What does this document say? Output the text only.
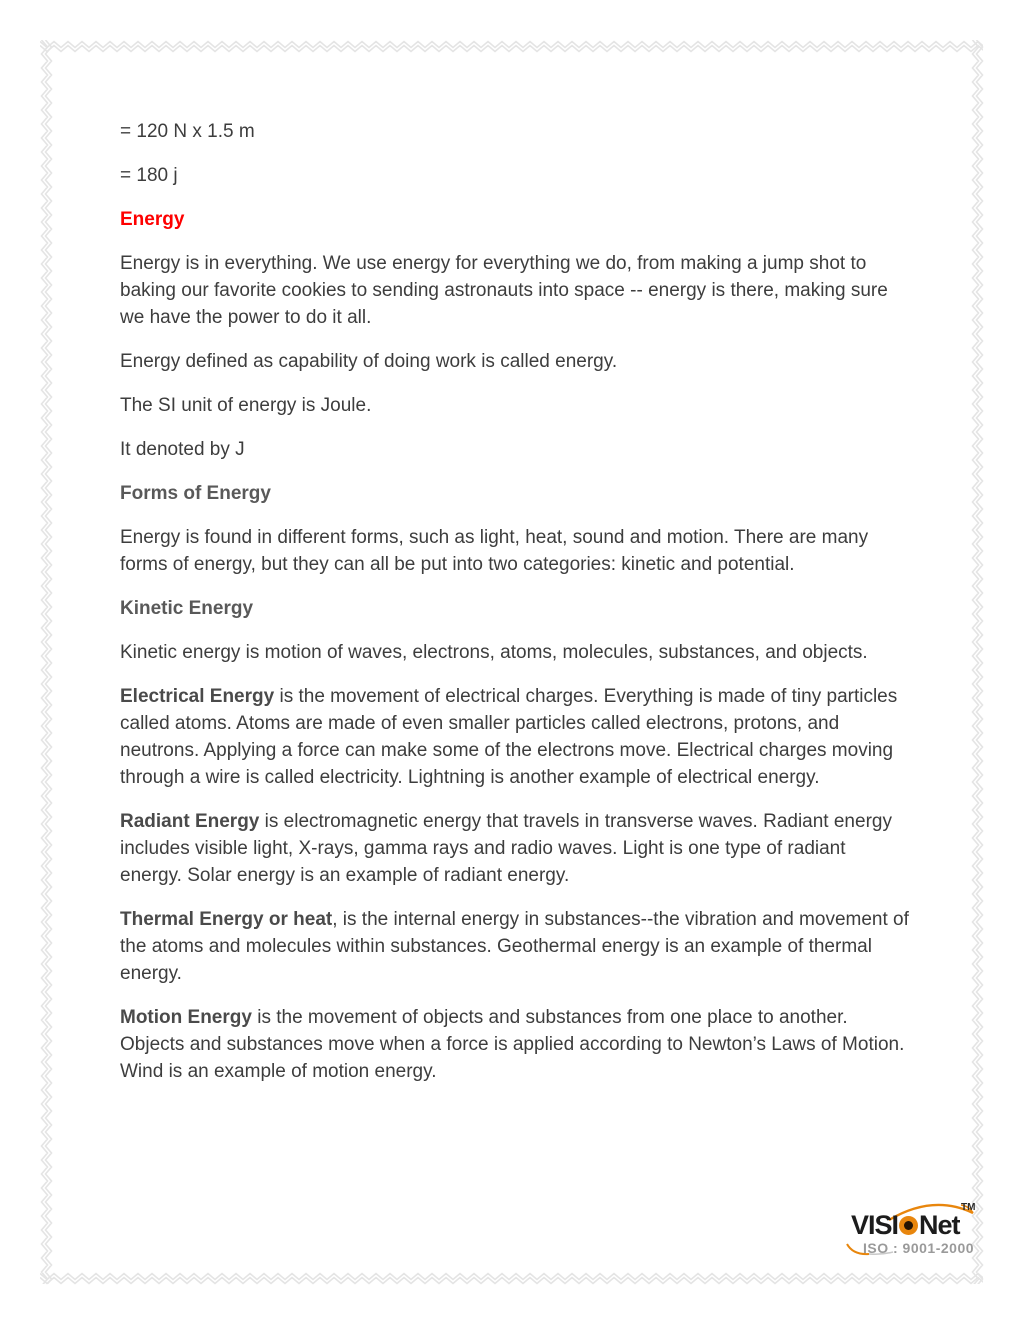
= 120 N x 1.5 m
= 180 j
Energy

Energy is in everything. We use energy for everything we do, from making a jump shot to baking our favorite cookies to sending astronauts into space -- energy is there, making sure we have the power to do it all.

Energy defined as capability of doing work is called energy.

The SI unit of energy is Joule.

It denoted by J

Forms of Energy

Energy is found in different forms, such as light, heat, sound and motion. There are many forms of energy, but they can all be put into two categories: kinetic and potential.

Kinetic Energy

Kinetic energy is motion of waves, electrons, atoms, molecules, substances, and objects.

Electrical Energy is the movement of electrical charges. Everything is made of tiny particles called atoms. Atoms are made of even smaller particles called electrons, protons, and neutrons. Applying a force can make some of the electrons move. Electrical charges moving through a wire is called electricity. Lightning is another example of electrical energy.

Radiant Energy is electromagnetic energy that travels in transverse waves. Radiant energy includes visible light, X-rays, gamma rays and radio waves. Light is one type of radiant energy. Solar energy is an example of radiant energy.

Thermal Energy or heat, is the internal energy in substances--the vibration and movement of the atoms and molecules within substances. Geothermal energy is an example of thermal energy.

Motion Energy is the movement of objects and substances from one place to another. Objects and substances move when a force is applied according to Newton’s Laws of Motion. Wind is an example of motion energy.

VISI Net
TM
ISO : 9001-2000
